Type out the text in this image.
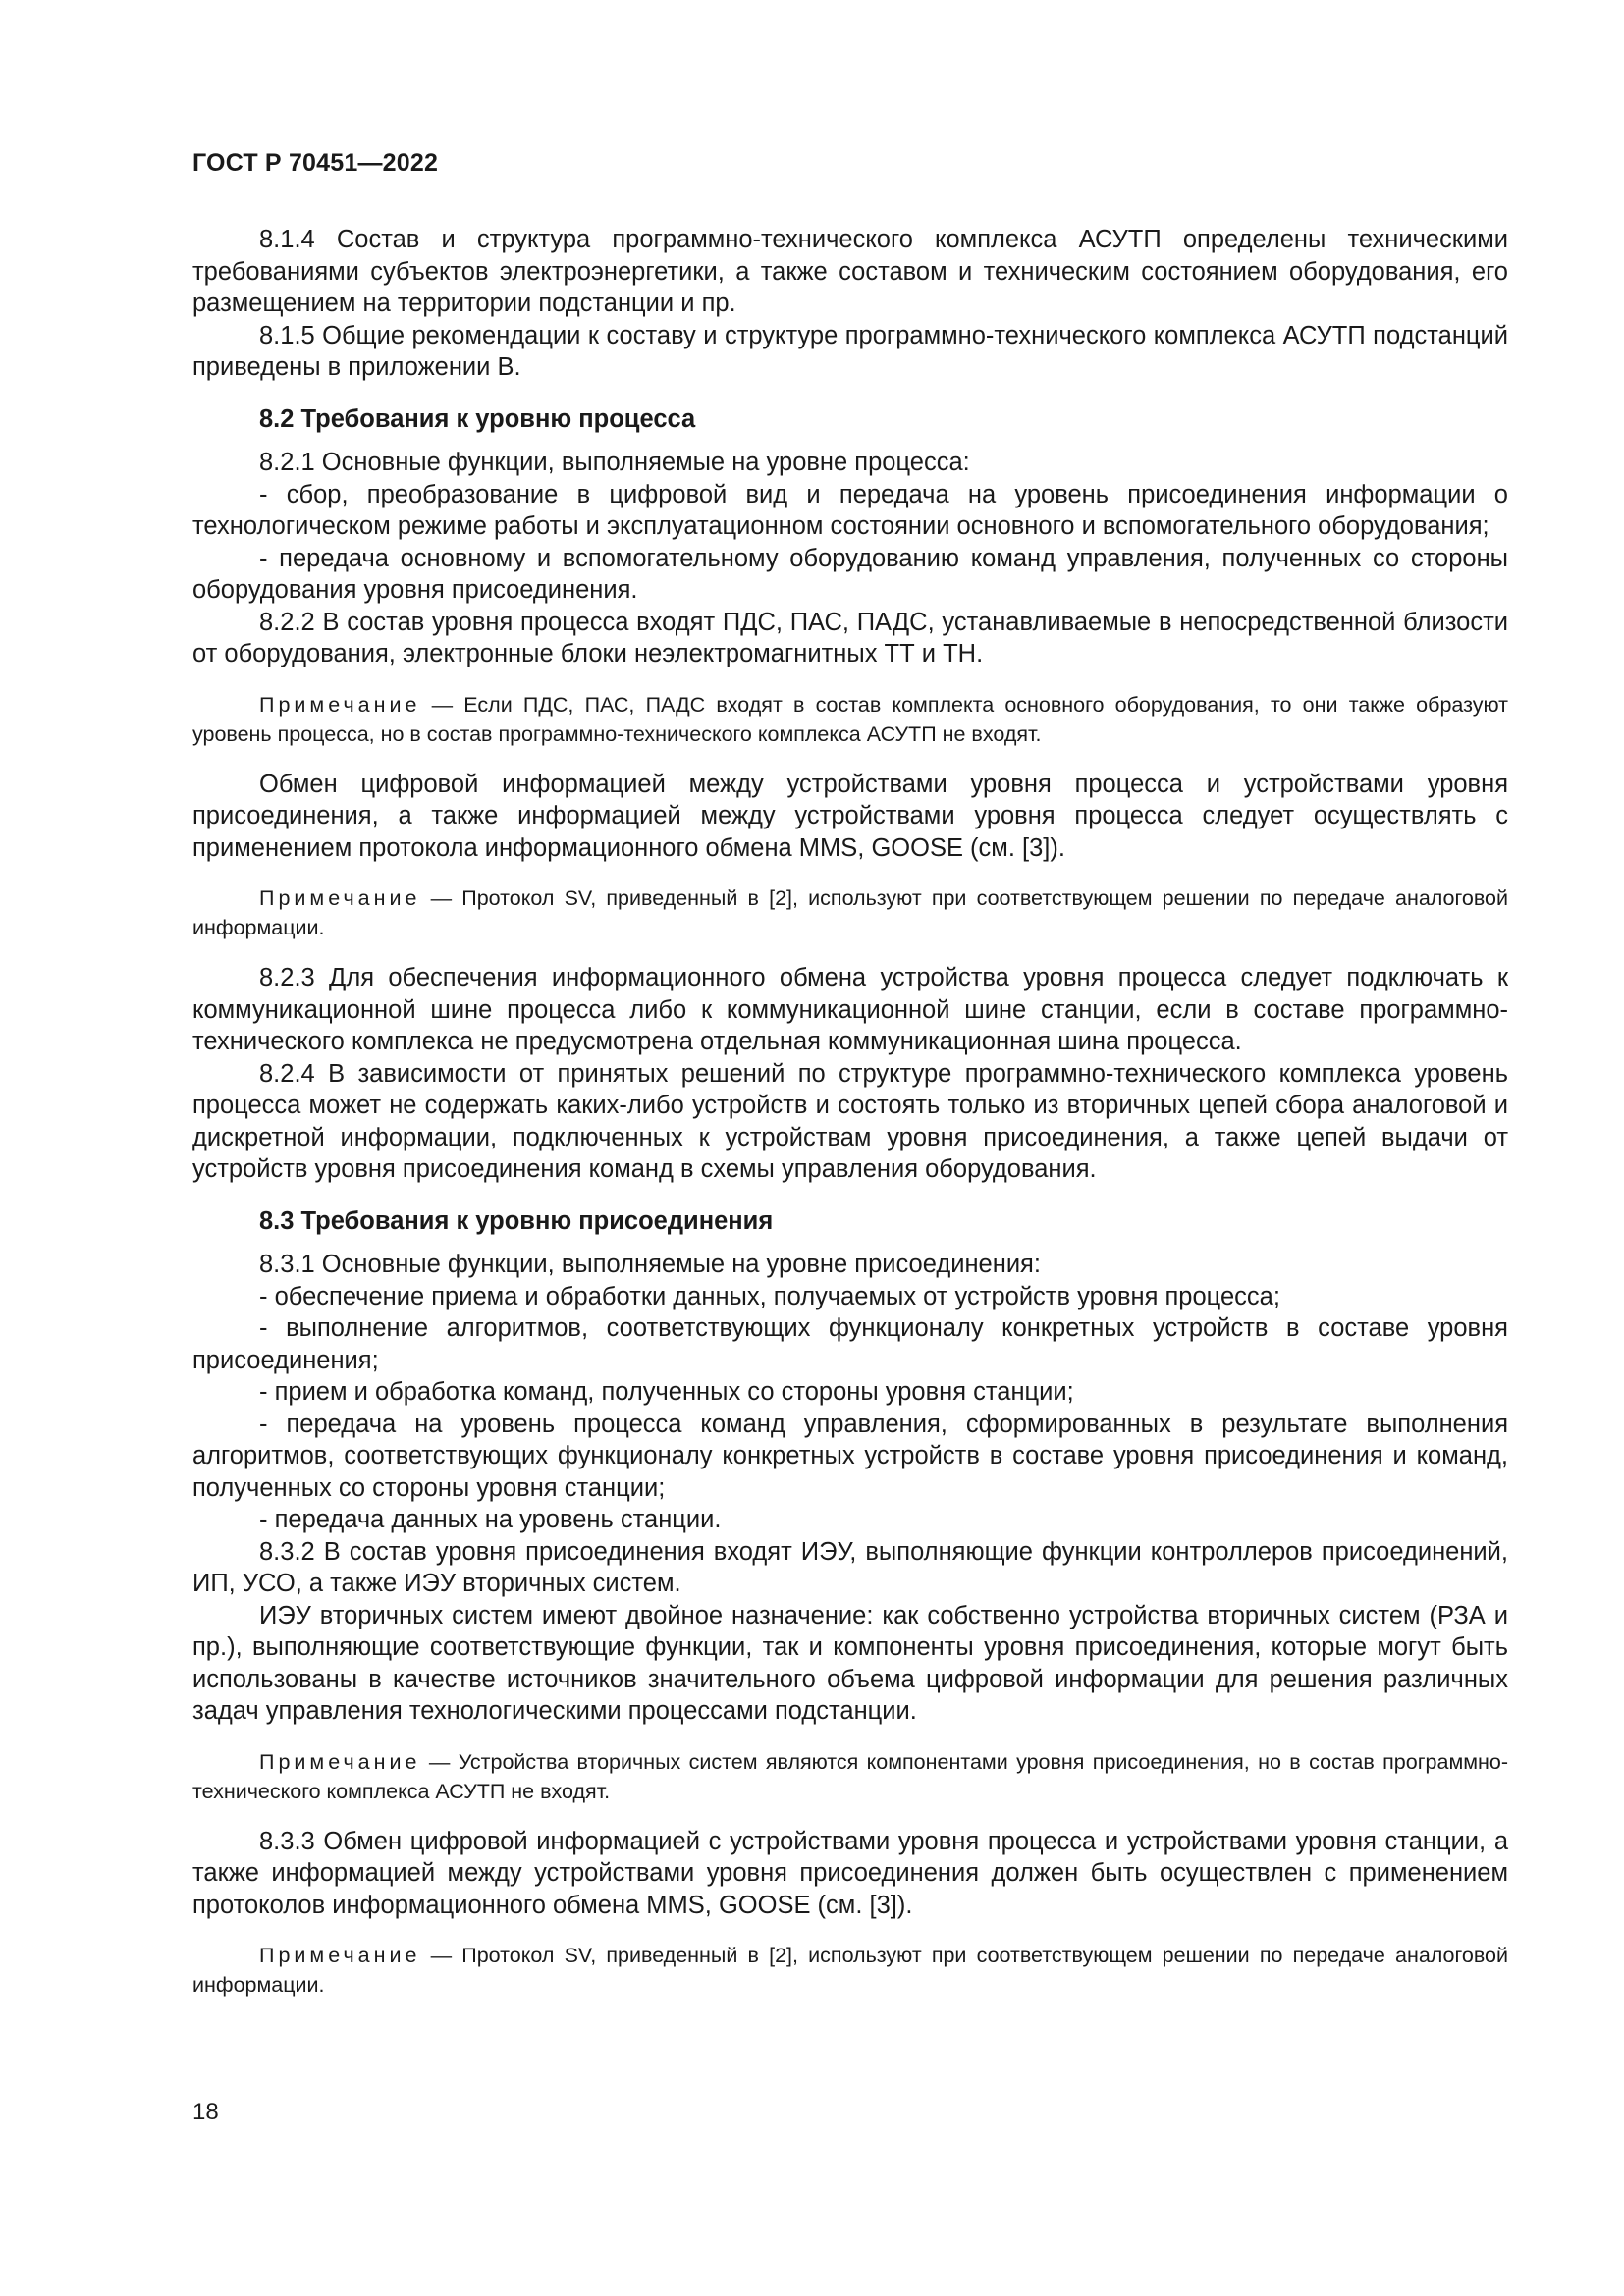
ГОСТ Р 70451—2022

8.1.4 Состав и структура программно-технического комплекса АСУТП определены техническими требованиями субъектов электроэнергетики, а также составом и техническим состоянием оборудования, его размещением на территории подстанции и пр.

8.1.5 Общие рекомендации к составу и структуре программно-технического комплекса АСУТП подстанций приведены в приложении В.

8.2 Требования к уровню процесса

8.2.1 Основные функции, выполняемые на уровне процесса:

- сбор, преобразование в цифровой вид и передача на уровень присоединения информации о технологическом режиме работы и эксплуатационном состоянии основного и вспомогательного оборудования;

- передача основному и вспомогательному оборудованию команд управления, полученных со стороны оборудования уровня присоединения.

8.2.2 В состав уровня процесса входят ПДС, ПАС, ПАДС, устанавливаемые в непосредственной близости от оборудования, электронные блоки неэлектромагнитных ТТ и ТН.

Примечание — Если ПДС, ПАС, ПАДС входят в состав комплекта основного оборудования, то они также образуют уровень процесса, но в состав программно-технического комплекса АСУТП не входят.

Обмен цифровой информацией между устройствами уровня процесса и устройствами уровня присоединения, а также информацией между устройствами уровня процесса следует осуществлять с применением протокола информационного обмена MMS, GOOSE (см. [3]).

Примечание — Протокол SV, приведенный в [2], используют при соответствующем решении по передаче аналоговой информации.

8.2.3 Для обеспечения информационного обмена устройства уровня процесса следует подключать к коммуникационной шине процесса либо к коммуникационной шине станции, если в составе программно-технического комплекса не предусмотрена отдельная коммуникационная шина процесса.

8.2.4 В зависимости от принятых решений по структуре программно-технического комплекса уровень процесса может не содержать каких-либо устройств и состоять только из вторичных цепей сбора аналоговой и дискретной информации, подключенных к устройствам уровня присоединения, а также цепей выдачи от устройств уровня присоединения команд в схемы управления оборудования.

8.3 Требования к уровню присоединения

8.3.1 Основные функции, выполняемые на уровне присоединения:

- обеспечение приема и обработки данных, получаемых от устройств уровня процесса;

- выполнение алгоритмов, соответствующих функционалу конкретных устройств в составе уровня присоединения;

- прием и обработка команд, полученных со стороны уровня станции;

- передача на уровень процесса команд управления, сформированных в результате выполнения алгоритмов, соответствующих функционалу конкретных устройств в составе уровня присоединения и команд, полученных со стороны уровня станции;

- передача данных на уровень станции.

8.3.2 В состав уровня присоединения входят ИЭУ, выполняющие функции контроллеров присоединений, ИП, УСО, а также ИЭУ вторичных систем.

ИЭУ вторичных систем имеют двойное назначение: как собственно устройства вторичных систем (РЗА и пр.), выполняющие соответствующие функции, так и компоненты уровня присоединения, которые могут быть использованы в качестве источников значительного объема цифровой информации для решения различных задач управления технологическими процессами подстанции.

Примечание — Устройства вторичных систем являются компонентами уровня присоединения, но в состав программно-технического комплекса АСУТП не входят.

8.3.3 Обмен цифровой информацией с устройствами уровня процесса и устройствами уровня станции, а также информацией между устройствами уровня присоединения должен быть осуществлен с применением протоколов информационного обмена MMS, GOOSE (см. [3]).

Примечание — Протокол SV, приведенный в [2], используют при соответствующем решении по передаче аналоговой информации.

18
